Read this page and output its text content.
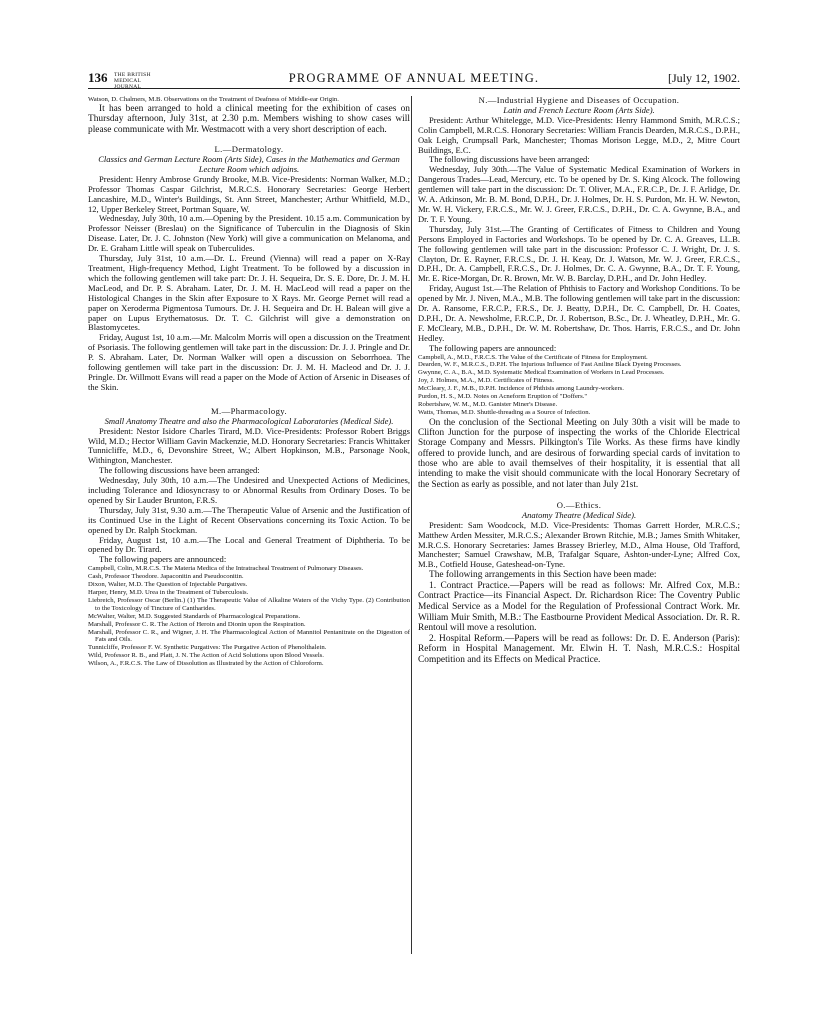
136 THE BRITISH MEDICAL JOURNAL
PROGRAMME OF ANNUAL MEETING.	[July 12, 1902.
Watson, D. Chalmers, M.B. Observations on the Treatment of Deafness of Middle-ear Origin.

It has been arranged to hold a clinical meeting for the exhibition of cases on Thursday afternoon, July 31st, at 2.30 p.m. Members wishing to show cases will please communicate with Mr. Westmacott with a very short description of each.

L.—Dermatology.
Classics and German Lecture Room (Arts Side), Cases in the Mathematics and German Lecture Room which adjoins.

President: Henry Ambrose Grundy Brooke, M.B. Vice-Presidents: Norman Walker, M.D.; Professor Thomas Caspar Gilchrist, M.R.C.S. Honorary Secretaries: George Herbert Lancashire, M.D., Winter's Buildings, St. Ann Street, Manchester; Arthur Whitfield, M.D., 12, Upper Berkeley Street, Portman Square, W.

Wednesday, July 30th, 10 a.m.—Opening by the President. 10.15 a.m. Communication by Professor Neisser (Breslau) on the Significance of Tuberculin in the Diagnosis of Skin Disease. Later, Dr. J. C. Johnston (New York) will give a communication on Melanoma, and Dr. E. Graham Little will speak on Tuberculides.

Thursday, July 31st, 10 a.m.—Dr. L. Freund (Vienna) will read a paper on X-Ray Treatment, High-frequency Method, Light Treatment. To be followed by a discussion in which the following gentlemen will take part: Dr. J. H. Sequeira, Dr. S. E. Dore, Dr. J. M. H. MacLeod, and Dr. P. S. Abraham. Later, Dr. J. M. H. MacLeod will read a paper on the Histological Changes in the Skin after Exposure to X Rays. Mr. George Pernet will read a paper on Xeroderma Pigmentosa Tumours. Dr. J. H. Sequeira and Dr. H. Balean will give a paper on Lupus Erythematosus. Dr. T. C. Gilchrist will give a demonstration on Blastomycetes.

Friday, August 1st, 10 a.m.—Mr. Malcolm Morris will open a discussion on the Treatment of Psoriasis. The following gentlemen will take part in the discussion: Dr. J. J. Pringle and Dr. P. S. Abraham. Later, Dr. Norman Walker will open a discussion on Seborrhoea. The following gentlemen will take part in the discussion: Dr. J. M. H. Macleod and Dr. J. J. Pringle. Dr. Willmott Evans will read a paper on the Mode of Action of Arsenic in Diseases of the Skin.

M.—Pharmacology.
Small Anatomy Theatre and also the Pharmacological Laboratories (Medical Side).

President: Nestor Isidore Charles Tirard, M.D. Vice-Presidents: Professor Robert Briggs Wild, M.D.; Hector William Gavin Mackenzie, M.D. Honorary Secretaries: Francis Whittaker Tunnicliffe, M.D., 6, Devonshire Street, W.; Albert Hopkinson, M.B., Parsonage Nook, Withington, Manchester.

The following discussions have been arranged:

Wednesday, July 30th, 10 a.m.—The Undesired and Unexpected Actions of Medicines, including Tolerance and Idiosyncrasy to or Abnormal Results from Ordinary Doses. To be opened by Sir Lauder Brunton, F.R.S.

Thursday, July 31st, 9.30 a.m.—The Therapeutic Value of Arsenic and the Justification of its Continued Use in the Light of Recent Observations concerning its Toxic Action. To be opened by Dr. Ralph Stockman.

Friday, August 1st, 10 a.m.—The Local and General Treatment of Diphtheria. To be opened by Dr. Tirard.

The following papers are announced:

Campbell, Colin, M.R.C.S. The Materia Medica of the Intratracheal Treatment of Pulmonary Diseases.
Cash, Professor Theodore. Japaconitin and Pseudoconitin.
Dixon, Walter, M.D. The Question of Injectable Purgatives.
Harper, Henry, M.D. Urea in the Treatment of Tuberculosis.
Liebreich, Professor Oscar (Berlin.) (1) The Therapeutic Value of Alkaline Waters of the Vichy Type. (2) Contribution to the Toxicology of Tincture of Cantharides.
McWalter, Walter, M.D. Suggested Standards of Pharmacological Preparations.
Marshall, Professor C. R. The Action of Heroin and Dionin upon the Respiration.
Marshall, Professor C. R., and Wigner, J. H. The Pharmacological Action of Mannitol Pentanitrate on the Digestion of Fats and Oils.
Tunnicliffe, Professor F. W. Synthetic Purgatives: The Purgative Action of Phenolthalein.
Wild, Professor R. B., and Platt, J. N. The Action of Acid Solutions upon Blood Vessels.
Wilson, A., F.R.C.S. The Law of Dissolution as Illustrated by the Action of Chloroform.
N.—Industrial Hygiene and Diseases of Occupation.
Latin and French Lecture Room (Arts Side).

President: Arthur Whitelegge, M.D. Vice-Presidents: Henry Hammond Smith, M.R.C.S.; Colin Campbell, M.R.C.S. Honorary Secretaries: William Francis Dearden, M.R.C.S., D.P.H., Oak Leigh, Crumpsall Park, Manchester; Thomas Morison Legge, M.D., 2, Mitre Court Buildings, E.C.

The following discussions have been arranged:

Wednesday, July 30th.—The Value of Systematic Medical Examination of Workers in Dangerous Trades—Lead, Mercury, etc. To be opened by Dr. S. King Alcock. The following gentlemen will take part in the discussion: Dr. T. Oliver, M.A., F.R.C.P., Dr. J. F. Arlidge, Dr. W. A. Atkinson, Mr. B. M. Bond, D.P.H., Dr. J. Holmes, Dr. H. S. Purdon, Mr. H. W. Newton, Mr. W. H. Vickery, F.R.C.S., Mr. W. J. Greer, F.R.C.S., D.P.H., Dr. C. A. Gwynne, B.A., and Dr. T. F. Young.

Thursday, July 31st.—The Granting of Certificates of Fitness to Children and Young Persons Employed in Factories and Workshops. To be opened by Dr. C. A. Greaves, LL.B. The following gentlemen will take part in the discussion: Professor C. J. Wright, Dr. J. S. Clayton, Dr. E. Rayner, F.R.C.S., Dr. J. H. Keay, Dr. J. Watson, Mr. W. J. Greer, F.R.C.S., D.P.H., Dr. A. Campbell, F.R.C.S., Dr. J. Holmes, Dr. C. A. Gwynne, B.A., Dr. T. F. Young, Mr. E. Rice-Morgan, Dr. R. Brown, Mr. W. B. Barclay, D.P.H., and Dr. John Hedley.

Friday, August 1st.—The Relation of Phthisis to Factory and Workshop Conditions. To be opened by Mr. J. Niven, M.A., M.B. The following gentlemen will take part in the discussion: Dr. A. Ransome, F.R.C.P., F.R.S., Dr. J. Beatty, D.P.H., Dr. C. Campbell, Dr. H. Coates, D.P.H., Dr. A. Newsholme, F.R.C.P., Dr. J. Robertson, B.Sc., Dr. J. Wheatley, D.P.H., Mr. G. F. McCleary, M.B., D.P.H., Dr. W. M. Robertshaw, Dr. Thos. Harris, F.R.C.S., and Dr. John Hedley.

The following papers are announced:

Campbell, A., M.D., F.R.C.S. The Value of the Certificate of Fitness for Employment.
Dearden, W. F., M.R.C.S., D.P.H. The Injurious Influence of Fast Aniline Black Dyeing Processes.
Gwynne, C. A., B.A., M.D. Systematic Medical Examination of Workers in Lead Processes.
Joy, J. Holmes, M.A., M.D. Certificates of Fitness.
McCleary, J. F., M.B., D.P.H. Incidence of Phthisis among Laundry-workers.
Purdon, H. S., M.D. Notes on Acneform Eruption of "Doffers."
Robertshaw, W. M., M.D. Ganister Miner's Disease.
Watts, Thomas, M.D. Shuttle-threading as a Source of Infection.

On the conclusion of the Sectional Meeting on July 30th a visit will be made to Clifton Junction for the purpose of inspecting the works of the Chloride Electrical Storage Company and Messrs. Pilkington's Tile Works. As these firms have kindly offered to provide lunch, and are desirous of forwarding special cards of invitation to those who are able to avail themselves of their hospitality, it is essential that all intending to make the visit should communicate with the local Honorary Secretary of the Section as early as possible, and not later than July 21st.

O.—Ethics.
Anatomy Theatre (Medical Side).

President: Sam Woodcock, M.D. Vice-Presidents: Thomas Garrett Horder, M.R.C.S.; Matthew Arden Messiter, M.R.C.S.; Alexander Brown Ritchie, M.B.; James Smith Whitaker, M.R.C.S. Honorary Secretaries: James Brassey Brierley, M.D., Alma House, Old Trafford, Manchester; Samuel Crawshaw, M.B, Trafalgar Square, Ashton-under-Lyne; Alfred Cox, M.B., Cotfield House, Gateshead-on-Tyne.

The following arrangements in this Section have been made:

1. Contract Practice.—Papers will be read as follows: Mr. Alfred Cox, M.B.: Contract Practice—its Financial Aspect. Dr. Richardson Rice: The Coventry Public Medical Service as a Model for the Regulation of Professional Contract Work. Mr. William Muir Smith, M.B.: The Eastbourne Provident Medical Association. Dr. R. R. Rentoul will move a resolution.

2. Hospital Reform.—Papers will be read as follows: Dr. D. E. Anderson (Paris): Reform in Hospital Management. Mr. Elwin H. T. Nash, M.R.C.S.: Hospital Competition and its Effects on Medical Practice.
